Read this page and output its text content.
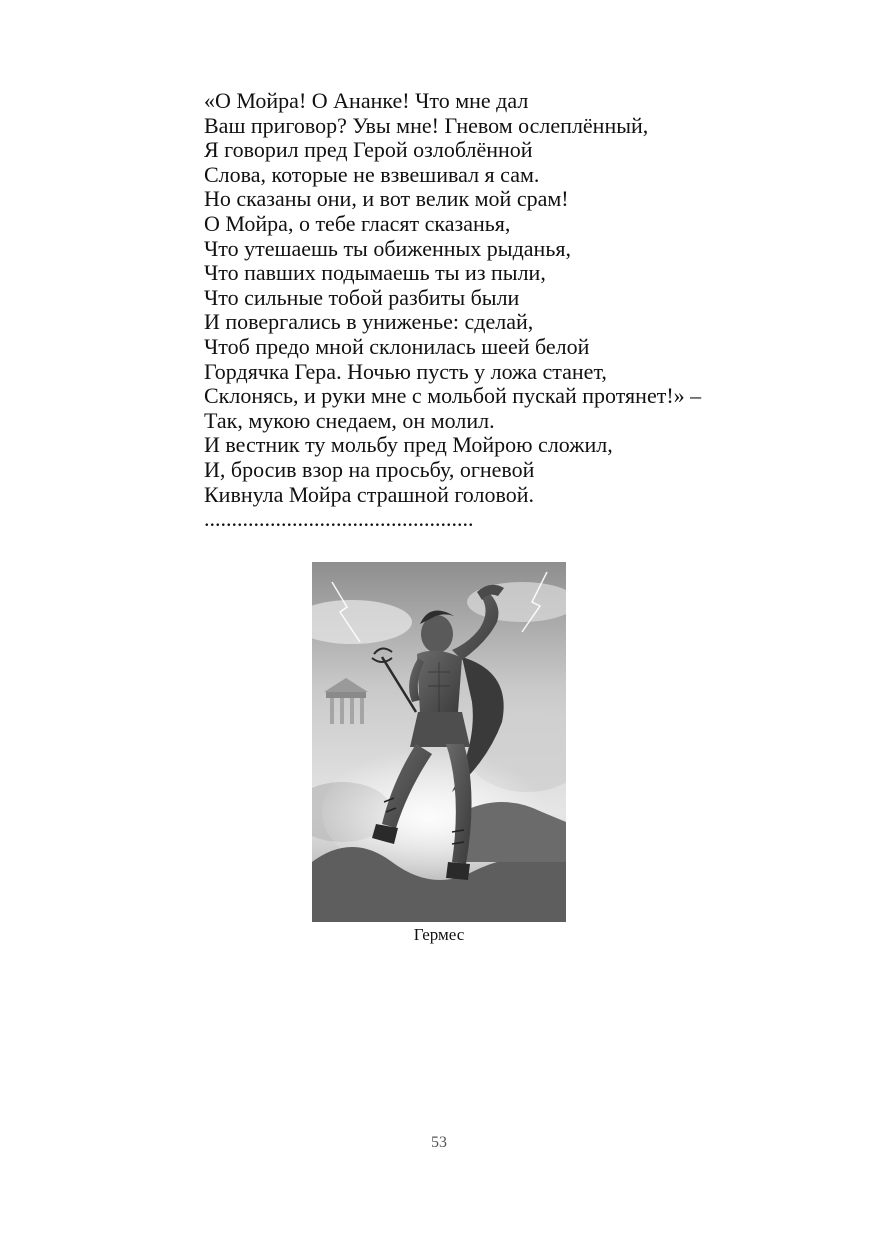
«О Мойра! О Ананке! Что мне дал
Ваш приговор? Увы мне! Гневом ослеплённый,
Я говорил пред Герой озлоблённой
Слова, которые не взвешивал я сам.
Но сказаны они, и вот велик мой срам!
О Мойра, о тебе гласят сказанья,
Что утешаешь ты обиженных рыданья,
Что павших подымаешь ты из пыли,
Что сильные тобой разбиты были
И повергались в униженье: сделай,
Чтоб предо мной склонилась шеей белой
Гордячка Гера. Ночью пусть у ложа станет,
Склонясь, и руки мне с мольбой пускай протянет!» –
Так, мукою снедаем, он молил.
И вестник ту мольбу пред Мойрою сложил,
И, бросив взор на просьбу, огневой
Кивнула Мойра страшной головой.
.................................................
Гермес
53
